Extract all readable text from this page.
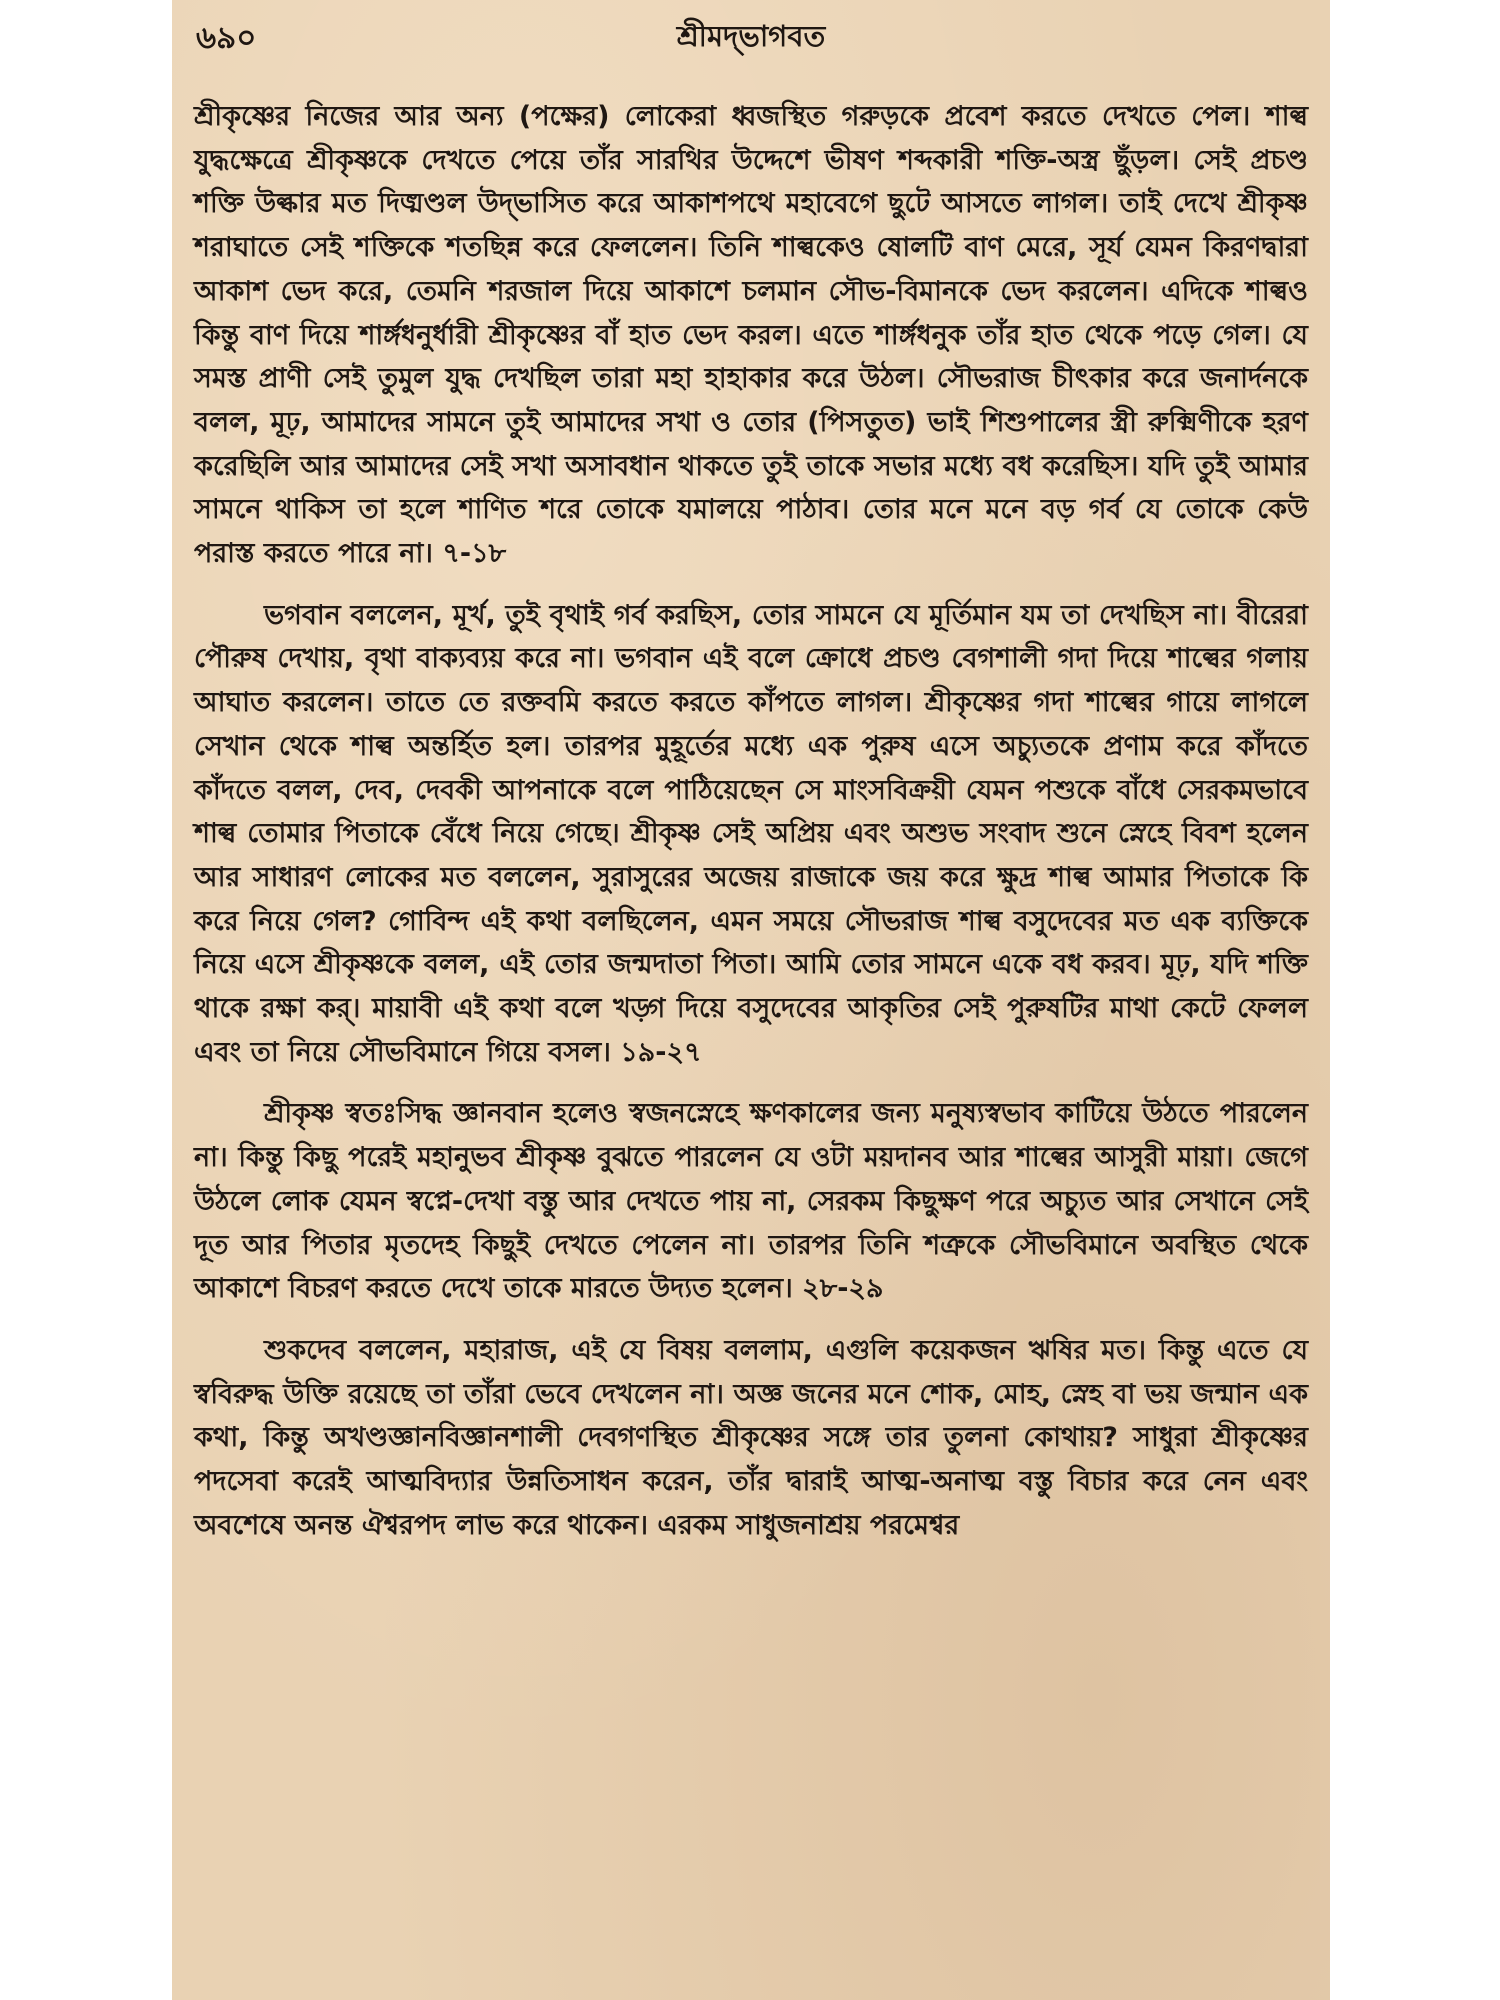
৬৯০	শ্রীমদ্‌ভাগবত

শ্রীকৃষ্ণের নিজের আর অন্য (পক্ষের) লোকেরা ধ্বজস্থিত গরুড়কে প্রবেশ করতে দেখতে পেল। শাল্ব যুদ্ধক্ষেত্রে শ্রীকৃষ্ণকে দেখতে পেয়ে তাঁর সারথির উদ্দেশে ভীষণ শব্দকারী শক্তি-অস্ত্র ছুঁড়ল। সেই প্রচণ্ড শক্তি উল্কার মত দিঙ্মণ্ডল উদ্‌ভাসিত করে আকাশপথে মহাবেগে ছুটে আসতে লাগল। তাই দেখে শ্রীকৃষ্ণ শরাঘাতে সেই শক্তিকে শতছিন্ন করে ফেললেন। তিনি শাল্বকেও ষোলটি বাণ মেরে, সূর্য যেমন কিরণদ্বারা আকাশ ভেদ করে, তেমনি শরজাল দিয়ে আকাশে চলমান সৌভ-বিমানকে ভেদ করলেন। এদিকে শাল্বও কিন্তু বাণ দিয়ে শার্ঙ্গধনুর্ধারী শ্রীকৃষ্ণের বাঁ হাত ভেদ করল। এতে শার্ঙ্গধনুক তাঁর হাত থেকে পড়ে গেল। যে সমস্ত প্রাণী সেই তুমুল যুদ্ধ দেখছিল তারা মহা হাহাকার করে উঠল। সৌভরাজ চীৎকার করে জনার্দনকে বলল, মূঢ়, আমাদের সামনে তুই আমাদের সখা ও তোর (পিসতুত) ভাই শিশুপালের স্ত্রী রুক্মিণীকে হরণ করেছিলি আর আমাদের সেই সখা অসাবধান থাকতে তুই তাকে সভার মধ্যে বধ করেছিস। যদি তুই আমার সামনে থাকিস তা হলে শাণিত শরে তোকে যমালয়ে পাঠাব। তোর মনে মনে বড় গর্ব যে তোকে কেউ পরাস্ত করতে পারে না। ৭-১৮

ভগবান বললেন, মূর্খ, তুই বৃথাই গর্ব করছিস, তোর সামনে যে মূর্তিমান যম তা দেখছিস না। বীরেরা পৌরুষ দেখায়, বৃথা বাক্যব্যয় করে না। ভগবান এই বলে ক্রোধে প্রচণ্ড বেগশালী গদা দিয়ে শাল্বের গলায় আঘাত করলেন। তাতে তে রক্তবমি করতে করতে কাঁপতে লাগল। শ্রীকৃষ্ণের গদা শাল্বের গায়ে লাগলে সেখান থেকে শাল্ব অন্তর্হিত হল। তারপর মুহূর্তের মধ্যে এক পুরুষ এসে অচ্যুতকে প্রণাম করে কাঁদতে কাঁদতে বলল, দেব, দেবকী আপনাকে বলে পাঠিয়েছেন সে মাংসবিক্রয়ী যেমন পশুকে বাঁধে সেরকমভাবে শাল্ব তোমার পিতাকে বেঁধে নিয়ে গেছে। শ্রীকৃষ্ণ সেই অপ্রিয় এবং অশুভ সংবাদ শুনে স্নেহে বিবশ হলেন আর সাধারণ লোকের মত বললেন, সুরাসুরের অজেয় রাজাকে জয় করে ক্ষুদ্র শাল্ব আমার পিতাকে কি করে নিয়ে গেল? গোবিন্দ এই কথা বলছিলেন, এমন সময়ে সৌভরাজ শাল্ব বসুদেবের মত এক ব্যক্তিকে নিয়ে এসে শ্রীকৃষ্ণকে বলল, এই তোর জন্মদাতা পিতা। আমি তোর সামনে একে বধ করব। মূঢ়, যদি শক্তি থাকে রক্ষা কর্। মায়াবী এই কথা বলে খড়্গ দিয়ে বসুদেবের আকৃতির সেই পুরুষটির মাথা কেটে ফেলল এবং তা নিয়ে সৌভবিমানে গিয়ে বসল। ১৯-২৭

শ্রীকৃষ্ণ স্বতঃসিদ্ধ জ্ঞানবান হলেও স্বজনস্নেহে ক্ষণকালের জন্য মনুষ্যস্বভাব কাটিয়ে উঠতে পারলেন না। কিন্তু কিছু পরেই মহানুভব শ্রীকৃষ্ণ বুঝতে পারলেন যে ওটা ময়দানব আর শাল্বের আসুরী মায়া। জেগে উঠলে লোক যেমন স্বপ্নে-দেখা বস্তু আর দেখতে পায় না, সেরকম কিছুক্ষণ পরে অচ্যুত আর সেখানে সেই দূত আর পিতার মৃতদেহ কিছুই দেখতে পেলেন না। তারপর তিনি শত্রুকে সৌভবিমানে অবস্থিত থেকে আকাশে বিচরণ করতে দেখে তাকে মারতে উদ্যত হলেন। ২৮-২৯

শুকদেব বললেন, মহারাজ, এই যে বিষয় বললাম, এগুলি কয়েকজন ঋষির মত। কিন্তু এতে যে স্ববিরুদ্ধ উক্তি রয়েছে তা তাঁরা ভেবে দেখলেন না। অজ্ঞ জনের মনে শোক, মোহ, স্নেহ বা ভয় জন্মান এক কথা, কিন্তু অখণ্ডজ্ঞানবিজ্ঞানশালী দেবগণস্থিত শ্রীকৃষ্ণের সঙ্গে তার তুলনা কোথায়? সাধুরা শ্রীকৃষ্ণের পদসেবা করেই আত্মবিদ্যার উন্নতিসাধন করেন, তাঁর দ্বারাই আত্ম-অনাত্ম বস্তু বিচার করে নেন এবং অবশেষে অনন্ত ঐশ্বরপদ লাভ করে থাকেন। এরকম সাধুজনাশ্রয় পরমেশ্বর
